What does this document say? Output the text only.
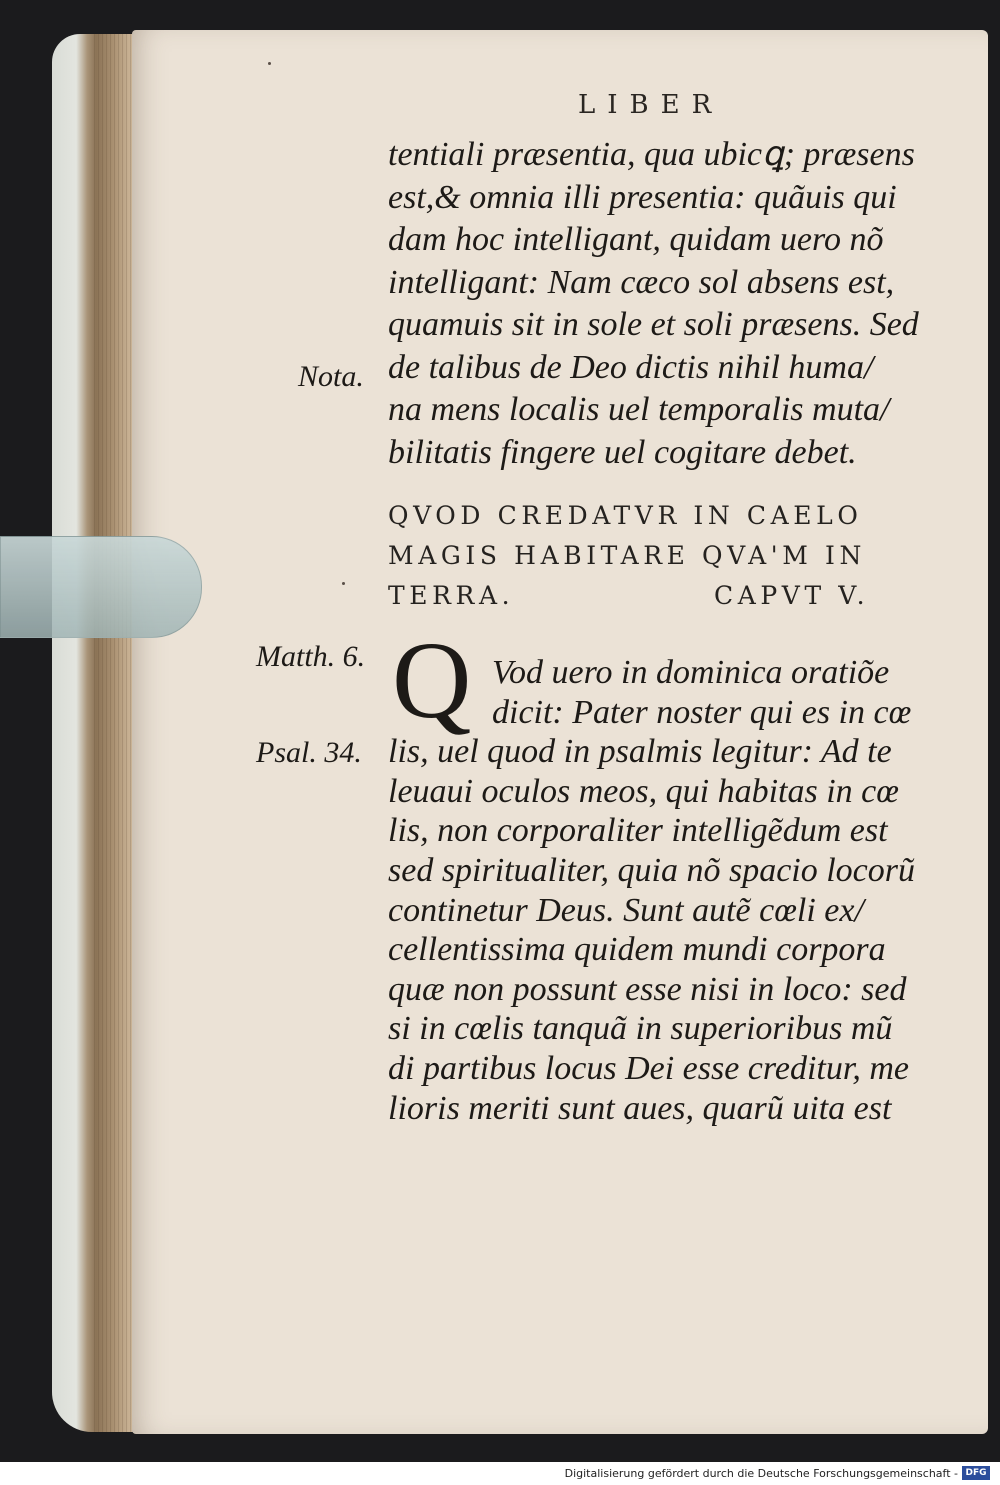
LIBER
tentiali præsentia, qua ubicꝗ; præsens
est,& omnia illi presentia: quãuis qui
dam hoc intelligant, quidam uero nõ
intelligant: Nam cæco sol absens est,
quamuis sit in sole et soli præsens. Sed
de talibus de Deo dictis nihil huma/
na mens localis uel temporalis muta/
bilitatis fingere uel cogitare debet.
Nota.
QVOD CREDATVR IN CAELO
MAGIS HABITARE QVA'M IN
TERRA.	CAPVT V.
Matth. 6.
Psal. 34.
Q Vod uero in dominica oratiõe
dicit: Pater noster qui es in cœ
lis, uel quod in psalmis legitur: Ad te
leuaui oculos meos, qui habitas in cœ
lis, non corporaliter intelligẽdum est
sed spiritualiter, quia nõ spacio locorũ
continetur Deus. Sunt autẽ cœli ex/
cellentissima quidem mundi corpora
quæ non possunt esse nisi in loco: sed
si in cœlis tanquã in superioribus mũ
di partibus locus Dei esse creditur, me
lioris meriti sunt aues, quarũ uita est
Digitalisierung gefördert durch die Deutsche Forschungsgemeinschaft - DFG
